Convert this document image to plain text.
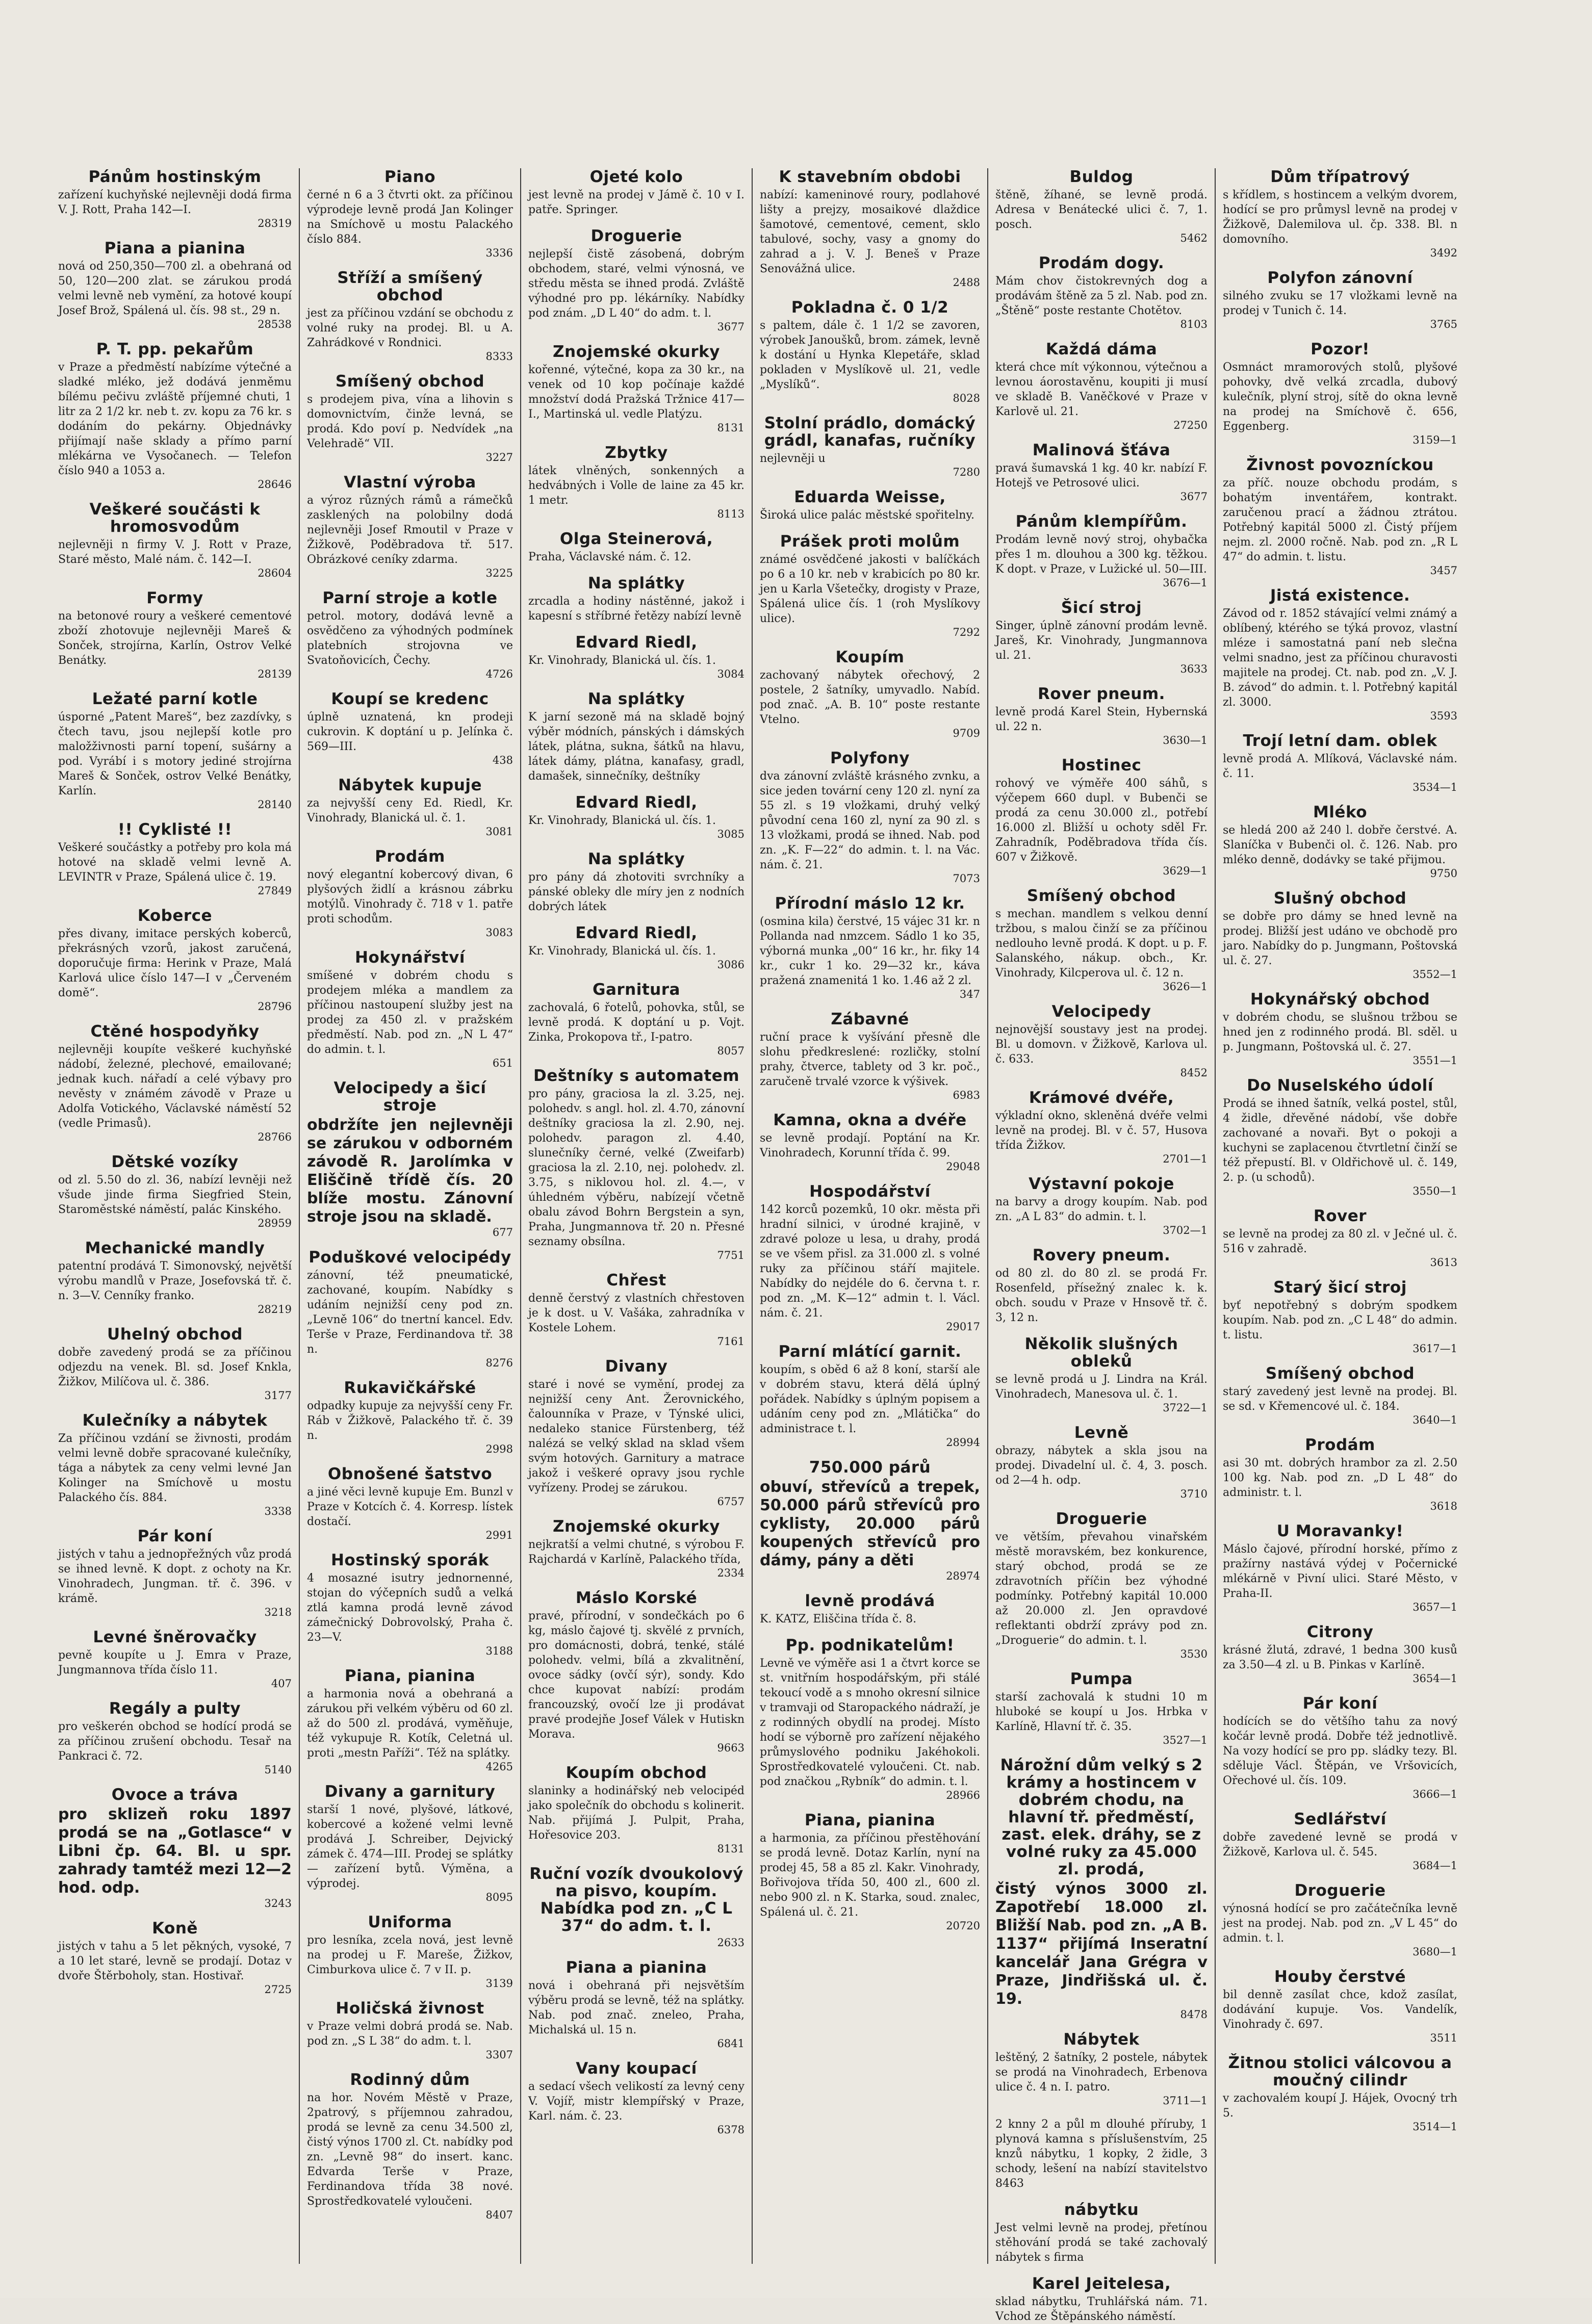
Pánům hostinským

zařízení kuchyňské nejlevněji dodá firma V. J. Rott, Praha 142—I.

28319
Piana a pianina

nová od 250,350—700 zl. a obehraná od 50, 120—200 zlat. se zárukou prodá velmi levně neb vymění, za hotové koupí Josef Brož, Spálená ul. čís. 98 st., 29 n.

28538
P. T. pp. pekařům

v Praze a předměstí nabízíme výtečné a sladké mléko, jež dodává jenměmu bílému pečivu zvláště příjemné chuti, 1 litr za 2 1/2 kr. neb t. zv. kopu za 76 kr. s dodáním do pekárny. Objednávky přijímají naše sklady a přímo parní mlékárna ve Vysočanech. — Telefon číslo 940 a 1053 a.

28646
Veškeré součásti k hromosvodům

nejlevněji n firmy V. J. Rott v Praze, Staré město, Malé nám. č. 142—I.

28604
Formy

na betonové roury a veškeré cementové zboží zhotovuje nejlevněji Mareš & Sonček, strojírna, Karlín, Ostrov Velké Benátky.

28139
Ležaté parní kotle

úsporné „Patent Mareš“, bez zazdívky, s čtech tavu, jsou nejlepší kotle pro maložživnosti parní topení, sušárny a pod. Vyrábí i s motory jediné strojírna Mareš & Sonček, ostrov Velké Benátky, Karlín.

28140
!! Cyklisté !!

Veškeré součástky a potřeby pro kola má hotové na skladě velmi levně A. LEVINTR v Praze, Spálená ulice č. 19.

27849
Koberce

přes divany, imitace perských koberců, překrásných vzorů, jakost zaručená, doporučuje firma: Herink v Praze, Malá Karlová ulice číslo 147—I v „Červeném domě“.

28796
Ctěné hospodyňky

nejlevněji koupíte veškeré kuchyňské nádobí, železné, plechové, emailované; jednak kuch. nářadí a celé výbavy pro nevěsty v známém závodě v Praze u Adolfa Votického, Václavské náměstí 52 (vedle Primasů).

28766
Dětské vozíky

od zl. 5.50 do zl. 36, nabízí levněji než všude jinde firma Siegfried Stein, Staroměstské náměstí, palác Kinského.

28959
Mechanické mandly

patentní prodává T. Simonovský, největší výrobu mandlů v Praze, Josefovská tř. č. n. 3—V. Cenníky franko.

28219
Uhelný obchod

dobře zavedený prodá se za příčinou odjezdu na venek. Bl. sd. Josef Knkla, Žižkov, Milíčova ul. č. 386.

3177
Kulečníky a nábytek

Za příčinou vzdání se živnosti, prodám velmi levně dobře spracované kulečníky, tága a nábytek za ceny velmi levné Jan Kolinger na Smíchově u mostu Palackého čís. 884.

3338
Pár koní

jistých v tahu a jednopřežných vůz prodá se ihned levně. K dopt. z ochoty na Kr. Vinohradech, Jungman. tř. č. 396. v krámě.

3218
Levné šněrovačky

pevně koupíte u J. Emra v Praze, Jungmannova třída číslo 11.

407
Regály a pulty

pro veškerén obchod se hodící prodá se za příčinou zrušení obchodu. Tesař na Pankraci č. 72.

5140
Ovoce a tráva

pro sklizeň roku 1897 prodá se na „Gotlasce“ v Libni čp. 64. Bl. u spr. zahrady tamtéž mezi 12—2 hod. odp.

3243
Koně

jistých v tahu a 5 let pěkných, vysoké, 7 a 10 let staré, levně se prodají. Dotaz v dvoře Štěrboholy, stan. Hostivař.

2725
Piano

černé n 6 a 3 čtvrti okt. za příčinou výprodeje levně prodá Jan Kolinger na Smíchově u mostu Palackého číslo 884.

3336
Stříží a smíšený obchod

jest za příčinou vzdání se obchodu z volné ruky na prodej. Bl. u A. Zahrádkové v Rondnici.

8333
Smíšený obchod

s prodejem piva, vína a lihovin s domovnictvím, činže levná, se prodá. Kdo poví p. Nedvídek „na Velehradě“ VII.

3227
Vlastní výroba

a výroz různých rámů a rámečků zasklených na polobilny dodá nejlevněji Josef Rmoutil v Praze v Žižkově, Poděbradova tř. 517. Obrázkové ceníky zdarma.

3225
Parní stroje a kotle

petrol. motory, dodává levně a osvědčeno za výhodných podmínek platebních strojovna ve Svatoňovicích, Čechy.

4726
Koupí se kredenc

úplně uznatená, kn prodeji cukrovin. K doptání u p. Jelínka č. 569—III.

438
Nábytek kupuje

za nejvyšší ceny Ed. Riedl, Kr. Vinohrady, Blanická ul. č. 1.

3081
Prodám

nový elegantní kobercový divan, 6 plyšových židlí a krásnou zábrku motýlů. Vinohrady č. 718 v 1. patře proti schodům.

3083
Hokynářství

smíšené v dobrém chodu s prodejem mléka a mandlem za příčinou nastoupení služby jest na prodej za 450 zl. v pražském předměstí. Nab. pod zn. „N L 47“ do admin. t. l.

651
Velocipedy a šicí stroje

obdržíte jen nejlevněji se zárukou v odborném závodě R. Jarolímka v Eliščině třídě čís. 20 blíže mostu. Zánovní stroje jsou na skladě.

677
Poduškové velocipédy

zánovní, též pneumatické, zachované, koupím. Nabídky s udáním nejnižší ceny pod zn. „Levně 106“ do tnertní kancel. Edv. Terše v Praze, Ferdinandova tř. 38 n.

8276
Rukavičkářské

odpadky kupuje za nejvyšší ceny Fr. Ráb v Žižkově, Palackého tř. č. 39 n.

2998
Obnošené šatstvo

a jiné věci levně kupuje Em. Bunzl v Praze v Kotcích č. 4. Korresp. lístek dostačí.

2991
Hostinský sporák

4 mosazné isutry jednornenné, stojan do výčepních sudů a velká ztlá kamna prodá levně závod zámečnický Dobrovolský, Praha č. 23—V.

3188
Piana, pianina

a harmonia nová a obehraná a zárukou při velkém výběru od 60 zl. až do 500 zl. prodává, vyměňuje, též vykupuje R. Kotík, Celetná ul. proti „mestn Paříži“. Též na splátky.

4265
Divany a garnitury

starší 1 nové, plyšové, látkové, kobercové a kožené velmi levně prodává J. Schreiber, Dejvický zámek č. 474—III. Prodej se splátky — zařízení bytů. Výměna, a výprodej.

8095
Uniforma

pro lesníka, zcela nová, jest levně na prodej u F. Mareše, Žižkov, Cimburkova ulice č. 7 v II. p.

3139
Holičská živnost

v Praze velmi dobrá prodá se. Nab. pod zn. „S L 38“ do adm. t. l.

3307
Rodinný dům

na hor. Novém Městě v Praze, 2patrový, s příjemnou zahradou, prodá se levně za cenu 34.500 zl, čistý výnos 1700 zl. Ct. nabídky pod zn. „Levně 98“ do insert. kanc. Edvarda Terše v Praze, Ferdinandova třída 38 nové. Sprostředkovatelé vyloučeni.

8407
Ojeté kolo

jest levně na prodej v Jámě č. 10 v I. patře. Springer.

Droguerie

nejlepší čistě zásobená, dobrým obchodem, staré, velmi výnosná, ve středu města se ihned prodá. Zvláště výhodné pro pp. lékárníky. Nabídky pod znám. „D L 40“ do adm. t. l.

3677
Znojemské okurky

kořenné, výtečné, kopa za 30 kr., na venek od 10 kop počínaje každé množství dodá Pražská Tržnice 417—I., Martinská ul. vedle Platýzu.

8131
Zbytky

látek vlněných, sonkenných a hedvábných i Volle de laine za 45 kr. 1 metr.

8113
Olga Steinerová,

Praha, Václavské nám. č. 12.

Na splátky

zrcadla a hodiny nástěnné, jakož i kapesní s stříbrné řetězy nabízí levně

Edvard Riedl,

Kr. Vinohrady, Blanická ul. čís. 1.

3084
Na splátky

K jarní sezoně má na skladě bojný výběr módních, pánských i dámských látek, plátna, sukna, šátků na hlavu, látek dámy, plátna, kanafasy, gradl, damašek, sinnečníky, deštníky

Edvard Riedl,

Kr. Vinohrady, Blanická ul. čís. 1.

3085
Na splátky

pro pány dá zhotoviti svrchníky a pánské obleky dle míry jen z nodních dobrých látek

Edvard Riedl,

Kr. Vinohrady, Blanická ul. čís. 1.

3086
Garnitura

zachovalá, 6 řotelů, pohovka, stůl, se levně prodá. K doptání u p. Vojt. Zinka, Prokopova tř., I-patro.

8057
Deštníky s automatem

pro pány, graciosa la zl. 3.25, nej. polohedv. s angl. hol. zl. 4.70, zánovní deštníky graciosa la zl. 2.90, nej. polohedv. paragon zl. 4.40, slunečníky černé, velké (Zweifarb) graciosa la zl. 2.10, nej. polohedv. zl. 3.75, s niklovou hol. zl. 4.—, v úhledném výběru, nabízejí včetně obalu závod Bohrn Bergstein a syn, Praha, Jungmannova tř. 20 n. Přesné seznamy obsílna.

7751
Chřest

denně čerstvý z vlastních chřestoven je k dost. u V. Vašáka, zahradníka v Kostele Lohem.

7161
Divany

staré i nové se vymění, prodej za nejnižší ceny Ant. Žerovnického, čalounníka v Praze, v Týnské ulici, nedaleko stanice Fürstenberg, též nalézá se velký sklad na sklad všem svým hotových. Garnitury a matrace jakož i veškeré opravy jsou rychle vyřízeny. Prodej se zárukou.

6757
Znojemské okurky

nejkratší a velmi chutné, s výrobou F. Rajchardá v Karlíně, Palackého třída,

2334
Máslo Korské

pravé, přírodní, v sondečkách po 6 kg, máslo čajové tj. skvělé z prvních, pro domácnosti, dobrá, tenké, stálé polohedv. velmi, bílá a zkvalitnění, ovoce sádky (ovčí sýr), sondy. Kdo chce kupovat nabízí: prodám francouzský, ovočí lze ji prodávat pravé prodejňe Josef Válek v Hutiskn Morava.

9663
Koupím obchod

slaninky a hodinářský neb velocipéd jako společník do obchodu s kolinerit. Nab. přijímá J. Pulpit, Praha, Hořesovice 203.

8131
Ruční vozík dvoukolový na pisvo, koupím. Nabídka pod zn. „C L 37“ do adm. t. l.
2633
Piana a pianina

nová i obehraná při nejsvětším výběru prodá se levně, též na splátky. Nab. pod znač. zneleo, Praha, Michalská ul. 15 n.

6841
Vany koupací

a sedací všech velikostí za levný ceny V. Vojíř, mistr klempířský v Praze, Karl. nám. č. 23.

6378
K stavebním obdobi

nabízí: kameninové roury, podlahové lišty a prejzy, mosaikové dlaždice šamotové, cementové, cement, sklo tabulové, sochy, vasy a gnomy do zahrad a j. V. J. Beneš v Praze Senovážná ulice.

2488
Pokladna č. 0 1/2

s paltem, dále č. 1 1/2 se zavoren, výrobek Janoušků, brom. zámek, levně k dostání u Hynka Klepetáře, sklad pokladen v Myslíkově ul. 21, vedle „Myslíků“.

8028
Stolní prádlo, domácký grádl, kanafas, ručníky

nejlevněji u

7280
Eduarda Weisse,

Široká ulice palác městské spořitelny.

Prášek proti molům

známé osvědčené jakosti v balíčkách po 6 a 10 kr. neb v krabicích po 80 kr. jen u Karla Všetečky, drogisty v Praze, Spálená ulice čís. 1 (roh Myslíkovy ulice).

7292
Koupím

zachovaný nábytek ořechový, 2 postele, 2 šatníky, umyvadlo. Nabíd. pod znač. „A. B. 10“ poste restante Vtelno.

9709
Polyfony

dva zánovní zvláště krásného zvnku, a sice jeden tovární ceny 120 zl. nyní za 55 zl. s 19 vložkami, druhý velký původní cena 160 zl, nyní za 90 zl. s 13 vložkami, prodá se ihned. Nab. pod zn. „K. F—22“ do admin. t. l. na Vác. nám. č. 21.

7073
Přírodní máslo 12 kr.

(osmina kila) čerstvé, 15 vájec 31 kr. n Pollanda nad nmzcem. Sádlo 1 ko 35, výborná munka „00“ 16 kr., hr. fiky 14 kr., cukr 1 ko. 29—32 kr., káva pražená znamenitá 1 ko. 1.46 až 2 zl.

347
Zábavné

ruční prace k vyšívání přesně dle slohu předkreslené: rozličky, stolní prahy, čtverce, tablety od 3 kr. poč., zaručeně trvalé vzorce k výšivek.

6983
Kamna, okna a dvéře

se levně prodají. Poptání na Kr. Vinohradech, Korunní třída č. 99.

29048
Hospodářství

142 korců pozemků, 10 okr. města při hradní silnici, v úrodné krajině, v zdravé poloze u lesa, u drahy, prodá se ve všem přisl. za 31.000 zl. s volné ruky za příčinou stáří majitele. Nabídky do nejdéle do 6. června t. r. pod zn. „M. K—12“ admin t. l. Václ. nám. č. 21.

29017
Parní mlátící garnit.

koupím, s oběd 6 až 8 koní, starší ale v dobrém stavu, která dělá úplný pořádek. Nabídky s úplným popisem a udáním ceny pod zn. „Mlátička“ do administrace t. l.

28994
750.000 párů

obuví, střevíců a trepek, 50.000 párů střevíců pro cyklisty, 20.000 párů koupených střevíců pro dámy, pány a děti

28974
levně prodává

K. KATZ, Eliščina třída č. 8.

Pp. podnikatelům!

Levně ve výměře asi 1 a čtvrt korce se st. vnitřním hospodářským, při stálé tekoucí vodě a s mnoho okresní silnice v tramvaji od Staropackého nádraží, je z rodinných obydlí na prodej. Místo hodí se výborně pro zařízení nějakého průmyslového podniku Jakéhokoli. Sprostředkovatelé vyloučeni. Ct. nab. pod značkou „Rybník“ do admin. t. l.

28966
Piana, pianina

a harmonia, za příčinou přestěhování se prodá levně. Dotaz Karlín, nyní na prodej 45, 58 a 85 zl. Kakr. Vinohrady, Bořivojova třída 50, 400 zl., 600 zl. nebo 900 zl. n K. Starka, soud. znalec, Spálená ul. č. 21.

20720
Buldog

štěně, žíhané, se levně prodá. Adresa v Benátecké ulici č. 7, 1. posch.

5462
Prodám dogy.

Mám chov čistokrevných dog a prodávám štěně za 5 zl. Nab. pod zn. „Štěně“ poste restante Chotětov.

8103
Každá dáma

která chce mít výkonnou, výtečnou a levnou áorostavěnu, koupiti ji musí ve skladě B. Vaněčkové v Praze v Karlově ul. 21.

27250
Malinová šťáva

pravá šumavská 1 kg. 40 kr. nabízí F. Hotejš ve Petrosové ulici.

3677
Pánům klempířům.

Prodám levně nový stroj, ohybačka přes 1 m. dlouhou a 300 kg. těžkou. K dopt. v Praze, v Lužické ul. 50—III.

3676—1
Šicí stroj

Singer, úplně zánovní prodám levně. Jareš, Kr. Vinohrady, Jungmannova ul. 21.

3633
Rover pneum.

levně prodá Karel Stein, Hybernská ul. 22 n.

3630—1
Hostinec

rohový ve výměře 400 sáhů, s výčepem 660 dupl. v Bubenči se prodá za cenu 30.000 zl., potřebí 16.000 zl. Bližší u ochoty sděl Fr. Zahradník, Poděbradova třída čís. 607 v Žižkově.

3629—1
Smíšený obchod

s mechan. mandlem s velkou denní tržbou, s malou činží se za příčinou nedlouho levně prodá. K dopt. u p. F. Salanského, nákup. obch., Kr. Vinohrady, Kilcperova ul. č. 12 n.

3626—1
Velocipedy

nejnovější soustavy jest na prodej. Bl. u domovn. v Žižkově, Karlova ul. č. 633.

8452
Krámové dvéře,

výkladní okno, skleněná dvéře velmi levně na prodej. Bl. v č. 57, Husova třída Žižkov.

2701—1
Výstavní pokoje

na barvy a drogy koupím. Nab. pod zn. „A L 83“ do admin. t. l.

3702—1
Rovery pneum.

od 80 zl. do 80 zl. se prodá Fr. Rosenfeld, přísežný znalec k. k. obch. soudu v Praze v Hnsově tř. č. 3, 12 n.

Několik slušných obleků

se levně prodá u J. Lindra na Král. Vinohradech, Manesova ul. č. 1.

3722—1
Levně

obrazy, nábytek a skla jsou na prodej. Divadelní ul. č. 4, 3. posch. od 2—4 h. odp.

3710
Droguerie

ve větším, převahou vinařském městě moravském, bez konkurence, starý obchod, prodá se ze zdravotních příčin bez výhodné podmínky. Potřebný kapitál 10.000 až 20.000 zl. Jen opravdové reflektanti obdrží zprávy pod zn. „Droguerie“ do admin. t. l.

3530
Pumpa

starší zachovalá k studni 10 m hluboké se koupí u Jos. Hrbka v Karlíně, Hlavní tř. č. 35.

3527—1
Nárožní dům velký s 2 krámy a hostincem v dobrém chodu, na hlavní tř. předměstí, zast. elek. dráhy, se z volné ruky za 45.000 zl. prodá,

čistý výnos 3000 zl. Zapotřebí 18.000 zl. Bližší Nab. pod zn. „A B. 1137“ přijímá Inseratní kancelář Jana Grégra v Praze, Jindřišská ul. č. 19.

8478
Nábytek

leštěný, 2 šatníky, 2 postele, nábytek se prodá na Vinohradech, Erbenova ulice č. 4 n. I. patro.

3711—1

2 knny 2 a půl m dlouhé příruby, 1 plynová kamna s příslušenstvím, 25 knzů nábytku, 1 kopky, 2 židle, 3 schody, lešení na nabízí stavitelstvo 8463

nábytku

Jest velmi levně na prodej, přetínou stěhování prodá se také zachovalý nábytek s firma

Karel Jeitelesa,

sklad nábytku, Truhlářská nám. 71. Vchod ze Štěpánského náměstí.

Dům třípatrový

s křídlem, s hostincem a velkým dvorem, hodící se pro průmysl levně na prodej v Žižkově, Dalemilova ul. čp. 338. Bl. n domovního.

3492
Polyfon zánovní

silného zvuku se 17 vložkami levně na prodej v Tunich č. 14.

3765
Pozor!

Osmnáct mramorových stolů, plyšové pohovky, dvě velká zrcadla, dubový kulečník, plyní stroj, sítě do okna levně na prodej na Smíchově č. 656, Eggenberg.

3159—1
Živnost povozníckou

za příč. nouze obchodu prodám, s bohatým inventářem, kontrakt. zaručenou prací a žádnou ztrátou. Potřebný kapitál 5000 zl. Čistý příjem nejm. zl. 2000 ročně. Nab. pod zn. „R L 47“ do admin. t. listu.

3457
Jistá existence.

Závod od r. 1852 stávající velmi známý a oblíbený, ktérého se týká provoz, vlastní mléze i samostatná paní neb slečna velmi snadno, jest za příčinou churavosti majitele na prodej. Ct. nab. pod zn. „V. J. B. závod“ do admin. t. l. Potřebný kapitál zl. 3000.

3593
Trojí letní dam. oblek

levně prodá A. Mlíková, Václavské nám. č. 11.

3534—1
Mléko

se hledá 200 až 240 l. dobře čerstvé. A. Slaníčka v Bubenči ol. č. 126. Nab. pro mléko denně, dodávky se také přijmou.

9750
Slušný obchod

se dobře pro dámy se hned levně na prodej. Bližší jest udáno ve obchodě pro jaro. Nabídky do p. Jungmann, Poštovská ul. č. 27.

3552—1
Hokynářský obchod

v dobrém chodu, se slušnou tržbou se hned jen z rodinného prodá. Bl. sděl. u p. Jungmann, Poštovská ul. č. 27.

3551—1
Do Nuselského údolí

Prodá se ihned šatník, velká postel, stůl, 4 židle, dřevěné nádobí, vše dobře zachované a novaři. Byt o pokoji a kuchyni se zaplacenou čtvrtletní činží se též přepustí. Bl. v Oldřichově ul. č. 149, 2. p. (u schodů).

3550—1
Rover

se levně na prodej za 80 zl. v Ječné ul. č. 516 v zahradě.

3613
Starý šicí stroj

byť nepotřebný s dobrým spodkem koupím. Nab. pod zn. „C L 48“ do admin. t. listu.

3617—1
Smíšený obchod

starý zavedený jest levně na prodej. Bl. se sd. v Křemencové ul. č. 184.

3640—1
Prodám

asi 30 mt. dobrých hrambor za zl. 2.50 100 kg. Nab. pod zn. „D L 48“ do administr. t. l.

3618
U Moravanky!

Máslo čajové, přírodní horské, přímo z pražírny nastává výdej v Počernické mlékárně v Pivní ulici. Staré Město, v Praha-II.

3657—1
Citrony

krásné žlutá, zdravé, 1 bedna 300 kusů za 3.50—4 zl. u B. Pinkas v Karlíně.

3654—1
Pár koní

hodících se do většího tahu za nový kočár levně prodá. Dobře též jednotlivě. Na vozy hodící se pro pp. sládky tezy. Bl. sděluje Václ. Štěpán, ve Vršovicích, Ořechové ul. čís. 109.

3666—1
Sedlářství

dobře zavedené levně se prodá v Žižkově, Karlova ul. č. 545.

3684—1
Droguerie

výnosná hodící se pro začátečníka levně jest na prodej. Nab. pod zn. „V L 45“ do admin. t. l.

3680—1
Houby čerstvé

bil denně zasílat chce, kdož zasílat, dodávání kupuje. Vos. Vandelík, Vinohrady č. 697.

3511
Žitnou stolici válcovou a moučný cilindr

v zachovalém koupí J. Hájek, Ovocný trh 5.

3514—1
